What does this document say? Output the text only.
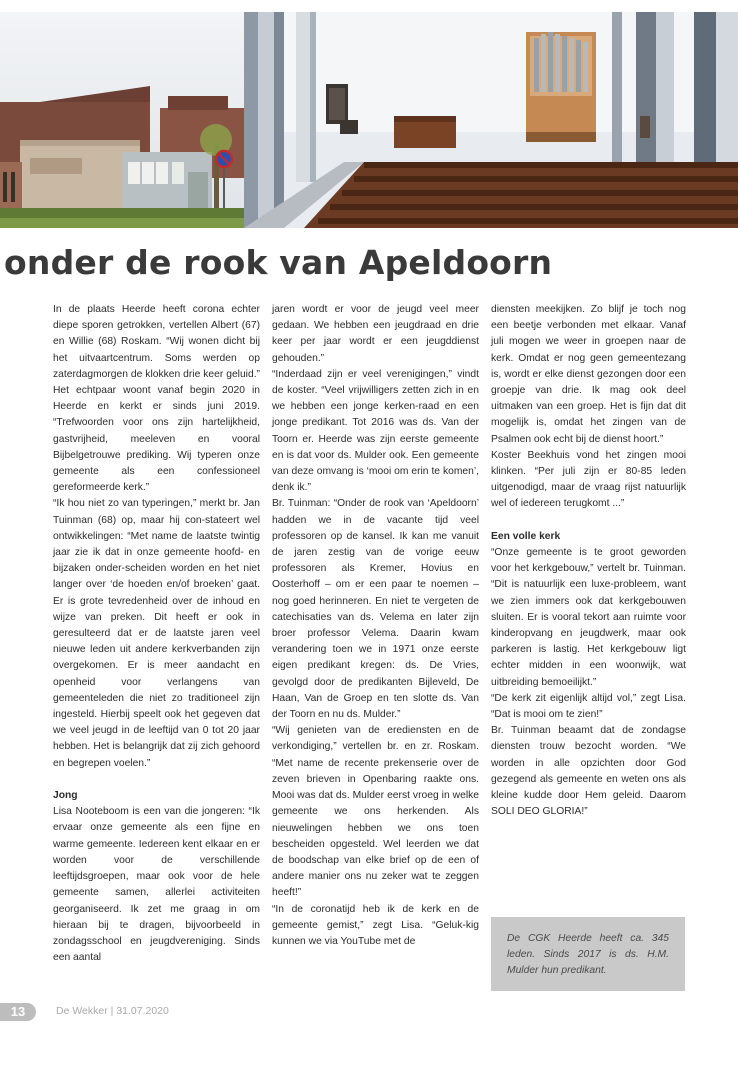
onder de rook van Apeldoorn

In de plaats Heerde heeft corona echter diepe sporen getrokken, vertellen Albert (67) en Willie (68) Roskam. “Wij wonen dicht bij het uitvaartcentrum. Soms werden op zaterdagmorgen de klokken drie keer geluid.” Het echtpaar woont vanaf begin 2020 in Heerde en kerkt er sinds juni 2019. “Trefwoorden voor ons zijn hartelijkheid, gastvrijheid, meeleven en vooral Bijbelgetrouwe prediking. Wij typeren onze gemeente als een confessioneel gereformeerde kerk.”

“Ik hou niet zo van typeringen,” merkt br. Jan Tuinman (68) op, maar hij con-stateert wel ontwikkelingen: “Met name de laatste twintig jaar zie ik dat in onze gemeente hoofd- en bijzaken onder-scheiden worden en het niet langer over ‘de hoeden en/of broeken’ gaat. Er is grote tevredenheid over de inhoud en wijze van preken. Dit heeft er ook in geresulteerd dat er de laatste jaren veel nieuwe leden uit andere kerkverbanden zijn overgekomen. Er is meer aandacht en openheid voor verlangens van gemeenteleden die niet zo traditioneel zijn ingesteld. Hierbij speelt ook het gegeven dat we veel jeugd in de leeftijd van 0 tot 20 jaar hebben. Het is belangrijk dat zij zich gehoord en begrepen voelen.”

Jong

Lisa Nooteboom is een van die jongeren: “Ik ervaar onze gemeente als een fijne en warme gemeente. Iedereen kent elkaar en er worden voor de verschillende leeftijdsgroepen, maar ook voor de hele gemeente samen, allerlei activiteiten georganiseerd. Ik zet me graag in om hieraan bij te dragen, bijvoorbeeld in zondagsschool en jeugdvereniging. Sinds een aantal

jaren wordt er voor de jeugd veel meer gedaan. We hebben een jeugdraad en drie keer per jaar wordt er een jeugddienst gehouden.”

“Inderdaad zijn er veel verenigingen,” vindt de koster. “Veel vrijwilligers zetten zich in en we hebben een jonge kerken-raad en een jonge predikant. Tot 2016 was ds. Van der Toorn er. Heerde was zijn eerste gemeente en is dat voor ds. Mulder ook. Een gemeente van deze omvang is ‘mooi om erin te komen’, denk ik.”

Br. Tuinman: “Onder de rook van ‘Apeldoorn’ hadden we in de vacante tijd veel professoren op de kansel. Ik kan me vanuit de jaren zestig van de vorige eeuw professoren als Kremer, Hovius en Oosterhoff – om er een paar te noemen – nog goed herinneren. En niet te vergeten de catechisaties van ds. Velema en later zijn broer professor Velema. Daarin kwam verandering toen we in 1971 onze eerste eigen predikant kregen: ds. De Vries, gevolgd door de predikanten Bijleveld, De Haan, Van de Groep en ten slotte ds. Van der Toorn en nu ds. Mulder.”

“Wij genieten van de erediensten en de verkondiging,” vertellen br. en zr. Roskam. “Met name de recente prekenserie over de zeven brieven in Openbaring raakte ons. Mooi was dat ds. Mulder eerst vroeg in welke gemeente we ons herkenden. Als nieuwelingen hebben we ons toen bescheiden opgesteld. Wel leerden we dat de boodschap van elke brief op de een of andere manier ons nu zeker wat te zeggen heeft!”

“In de coronatijd heb ik de kerk en de gemeente gemist,” zegt Lisa. “Geluk-kig kunnen we via YouTube met de

diensten meekijken. Zo blijf je toch nog een beetje verbonden met elkaar. Vanaf juli mogen we weer in groepen naar de kerk. Omdat er nog geen gemeentezang is, wordt er elke dienst gezongen door een groepje van drie. Ik mag ook deel uitmaken van een groep. Het is fijn dat dit mogelijk is, omdat het zingen van de Psalmen ook echt bij de dienst hoort.”

Koster Beekhuis vond het zingen mooi klinken. “Per juli zijn er 80-85 leden uitgenodigd, maar de vraag rijst natuurlijk wel of iedereen terugkomt ...”

Een volle kerk

“Onze gemeente is te groot geworden voor het kerkgebouw,” vertelt br. Tuinman. “Dit is natuurlijk een luxe-probleem, want we zien immers ook dat kerkgebouwen sluiten. Er is vooral tekort aan ruimte voor kinderopvang en jeugdwerk, maar ook parkeren is lastig. Het kerkgebouw ligt echter midden in een woonwijk, wat uitbreiding bemoeilijkt.”

“De kerk zit eigenlijk altijd vol,” zegt Lisa. “Dat is mooi om te zien!”

Br. Tuinman beaamt dat de zondagse diensten trouw bezocht worden. “We worden in alle opzichten door God gezegend als gemeente en weten ons als kleine kudde door Hem geleid. Daarom SOLI DEO GLORIA!”

De CGK Heerde heeft ca. 345 leden. Sinds 2017 is ds. H.M. Mulder hun predikant.
13	De Wekker | 31.07.2020
